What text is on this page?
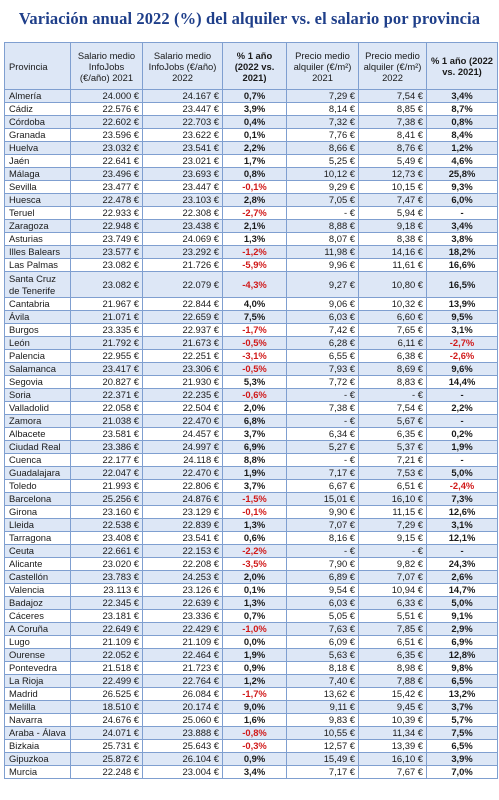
Variación anual 2022 (%) del alquiler vs. el salario por provincia
Provincia	Salario medio InfoJobs (€/año) 2021	Salario medio InfoJobs (€/año) 2022	% 1 año (2022 vs. 2021)	Precio medio alquiler (€/m²) 2021	Precio medio alquiler (€/m²) 2022	% 1 año (2022 vs. 2021)
Almería	24.000 €	24.167 €	0,7%	7,29 €	7,54 €	3,4%
Cádiz	22.576 €	23.447 €	3,9%	8,14 €	8,85 €	8,7%
Córdoba	22.602 €	22.703 €	0,4%	7,32 €	7,38 €	0,8%
Granada	23.596 €	23.622 €	0,1%	7,76 €	8,41 €	8,4%
Huelva	23.032 €	23.541 €	2,2%	8,66 €	8,76 €	1,2%
Jaén	22.641 €	23.021 €	1,7%	5,25 €	5,49 €	4,6%
Málaga	23.496 €	23.693 €	0,8%	10,12 €	12,73 €	25,8%
Sevilla	23.477 €	23.447 €	-0,1%	9,29 €	10,15 €	9,3%
Huesca	22.478 €	23.103 €	2,8%	7,05 €	7,47 €	6,0%
Teruel	22.933 €	22.308 €	-2,7%	- €	5,94 €	-
Zaragoza	22.948 €	23.438 €	2,1%	8,88 €	9,18 €	3,4%
Asturias	23.749 €	24.069 €	1,3%	8,07 €	8,38 €	3,8%
Illes Balears	23.577 €	23.292 €	-1,2%	11,98 €	14,16 €	18,2%
Las Palmas	23.082 €	21.726 €	-5,9%	9,96 €	11,61 €	16,6%
Santa Cruz de Tenerife	23.082 €	22.079 €	-4,3%	9,27 €	10,80 €	16,5%
Cantabria	21.967 €	22.844 €	4,0%	9,06 €	10,32 €	13,9%
Ávila	21.071 €	22.659 €	7,5%	6,03 €	6,60 €	9,5%
Burgos	23.335 €	22.937 €	-1,7%	7,42 €	7,65 €	3,1%
León	21.792 €	21.673 €	-0,5%	6,28 €	6,11 €	-2,7%
Palencia	22.955 €	22.251 €	-3,1%	6,55 €	6,38 €	-2,6%
Salamanca	23.417 €	23.306 €	-0,5%	7,93 €	8,69 €	9,6%
Segovia	20.827 €	21.930 €	5,3%	7,72 €	8,83 €	14,4%
Soria	22.371 €	22.235 €	-0,6%	- €	- €	-
Valladolid	22.058 €	22.504 €	2,0%	7,38 €	7,54 €	2,2%
Zamora	21.038 €	22.470 €	6,8%	- €	5,67 €	-
Albacete	23.581 €	24.457 €	3,7%	6,34 €	6,35 €	0,2%
Ciudad Real	23.386 €	24.997 €	6,9%	5,27 €	5,37 €	1,9%
Cuenca	22.177 €	24.118 €	8,8%	- €	7,21 €	-
Guadalajara	22.047 €	22.470 €	1,9%	7,17 €	7,53 €	5,0%
Toledo	21.993 €	22.806 €	3,7%	6,67 €	6,51 €	-2,4%
Barcelona	25.256 €	24.876 €	-1,5%	15,01 €	16,10 €	7,3%
Girona	23.160 €	23.129 €	-0,1%	9,90 €	11,15 €	12,6%
Lleida	22.538 €	22.839 €	1,3%	7,07 €	7,29 €	3,1%
Tarragona	23.408 €	23.541 €	0,6%	8,16 €	9,15 €	12,1%
Ceuta	22.661 €	22.153 €	-2,2%	- €	- €	-
Alicante	23.020 €	22.208 €	-3,5%	7,90 €	9,82 €	24,3%
Castellón	23.783 €	24.253 €	2,0%	6,89 €	7,07 €	2,6%
Valencia	23.113 €	23.126 €	0,1%	9,54 €	10,94 €	14,7%
Badajoz	22.345 €	22.639 €	1,3%	6,03 €	6,33 €	5,0%
Cáceres	23.181 €	23.336 €	0,7%	5,05 €	5,51 €	9,1%
A Coruña	22.649 €	22.429 €	-1,0%	7,63 €	7,85 €	2,9%
Lugo	21.109 €	21.109 €	0,0%	6,09 €	6,51 €	6,9%
Ourense	22.052 €	22.464 €	1,9%	5,63 €	6,35 €	12,8%
Pontevedra	21.518 €	21.723 €	0,9%	8,18 €	8,98 €	9,8%
La Rioja	22.499 €	22.764 €	1,2%	7,40 €	7,88 €	6,5%
Madrid	26.525 €	26.084 €	-1,7%	13,62 €	15,42 €	13,2%
Melilla	18.510 €	20.174 €	9,0%	9,11 €	9,45 €	3,7%
Navarra	24.676 €	25.060 €	1,6%	9,83 €	10,39 €	5,7%
Araba - Álava	24.071 €	23.888 €	-0,8%	10,55 €	11,34 €	7,5%
Bizkaia	25.731 €	25.643 €	-0,3%	12,57 €	13,39 €	6,5%
Gipuzkoa	25.872 €	26.104 €	0,9%	15,49 €	16,10 €	3,9%
Murcia	22.248 €	23.004 €	3,4%	7,17 €	7,67 €	7,0%
